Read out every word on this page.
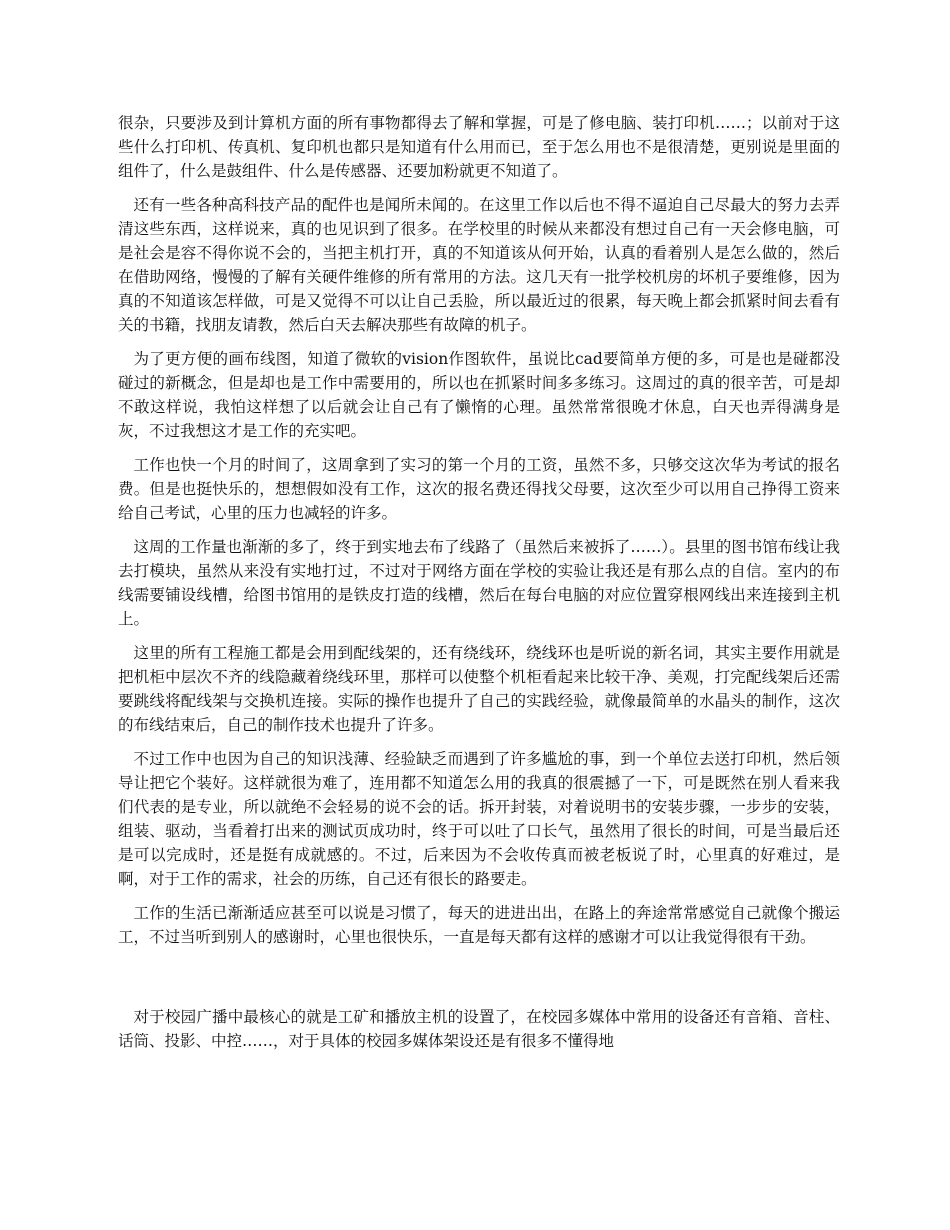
很杂，只要涉及到计算机方面的所有事物都得去了解和掌握，可是了修电脑、装打印机……；以前对于这些什么打印机、传真机、复印机也都只是知道有什么用而已，至于怎么用也不是很清楚，更别说是里面的组件了，什么是鼓组件、什么是传感器、还要加粉就更不知道了。

还有一些各种高科技产品的配件也是闻所未闻的。在这里工作以后也不得不逼迫自己尽最大的努力去弄清这些东西，这样说来，真的也见识到了很多。在学校里的时候从来都没有想过自己有一天会修电脑，可是社会是容不得你说不会的，当把主机打开，真的不知道该从何开始，认真的看着别人是怎么做的，然后在借助网络，慢慢的了解有关硬件维修的所有常用的方法。这几天有一批学校机房的坏机子要维修，因为真的不知道该怎样做，可是又觉得不可以让自己丢脸，所以最近过的很累，每天晚上都会抓紧时间去看有关的书籍，找朋友请教，然后白天去解决那些有故障的机子。

为了更方便的画布线图，知道了微软的vision作图软件，虽说比cad要简单方便的多，可是也是碰都没碰过的新概念，但是却也是工作中需要用的，所以也在抓紧时间多多练习。这周过的真的很辛苦，可是却不敢这样说，我怕这样想了以后就会让自己有了懒惰的心理。虽然常常很晚才休息，白天也弄得满身是灰，不过我想这才是工作的充实吧。

工作也快一个月的时间了，这周拿到了实习的第一个月的工资，虽然不多，只够交这次华为考试的报名费。但是也挺快乐的，想想假如没有工作，这次的报名费还得找父母要，这次至少可以用自己挣得工资来给自己考试，心里的压力也减轻的许多。

这周的工作量也渐渐的多了，终于到实地去布了线路了（虽然后来被拆了……）。县里的图书馆布线让我去打模块，虽然从来没有实地打过，不过对于网络方面在学校的实验让我还是有那么点的自信。室内的布线需要铺设线槽，给图书馆用的是铁皮打造的线槽，然后在每台电脑的对应位置穿根网线出来连接到主机上。

这里的所有工程施工都是会用到配线架的，还有绕线环，绕线环也是听说的新名词，其实主要作用就是把机柜中层次不齐的线隐藏着绕线环里，那样可以使整个机柜看起来比较干净、美观，打完配线架后还需要跳线将配线架与交换机连接。实际的操作也提升了自己的实践经验，就像最简单的水晶头的制作，这次的布线结束后，自己的制作技术也提升了许多。

不过工作中也因为自己的知识浅薄、经验缺乏而遇到了许多尴尬的事，到一个单位去送打印机，然后领导让把它个装好。这样就很为难了，连用都不知道怎么用的我真的很震撼了一下，可是既然在别人看来我们代表的是专业，所以就绝不会轻易的说不会的话。拆开封装，对着说明书的安装步骤，一步步的安装，组装、驱动，当看着打出来的测试页成功时，终于可以吐了口长气，虽然用了很长的时间，可是当最后还是可以完成时，还是挺有成就感的。不过，后来因为不会收传真而被老板说了时，心里真的好难过，是啊，对于工作的需求，社会的历练，自己还有很长的路要走。

工作的生活已渐渐适应甚至可以说是习惯了，每天的进进出出，在路上的奔途常常感觉自己就像个搬运工，不过当听到别人的感谢时，心里也很快乐，一直是每天都有这样的感谢才可以让我觉得很有干劲。

对于校园广播中最核心的就是工矿和播放主机的设置了，在校园多媒体中常用的设备还有音箱、音柱、话筒、投影、中控……，对于具体的校园多媒体架设还是有很多不懂得地
